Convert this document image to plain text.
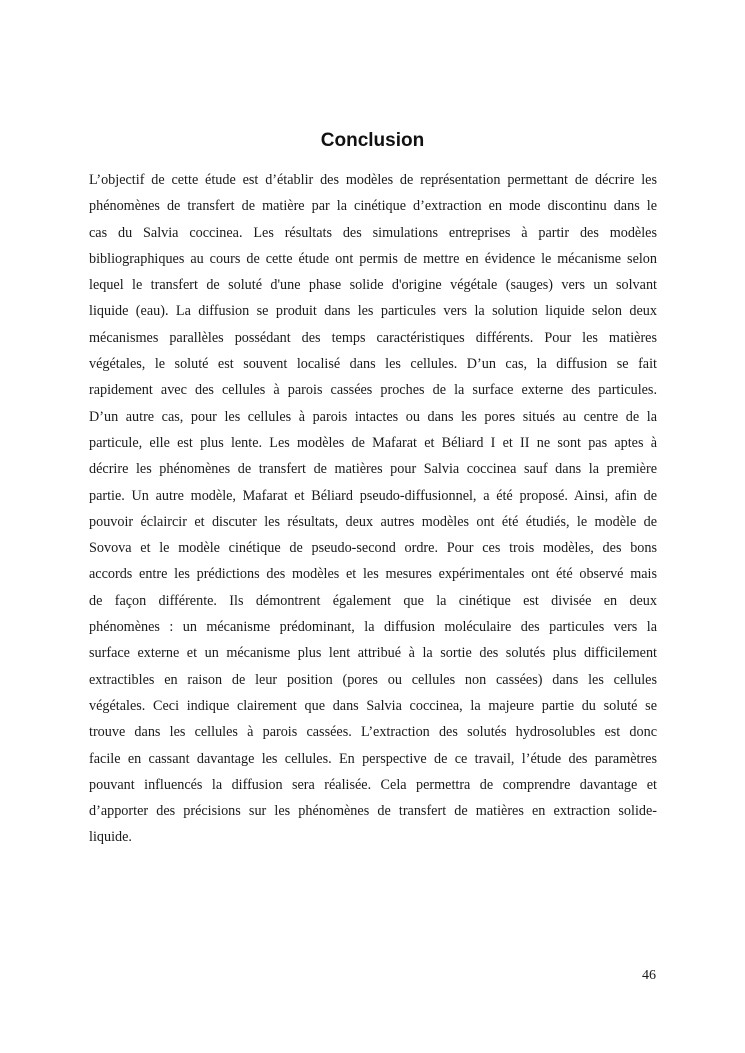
Conclusion
L’objectif de cette étude est d’établir des modèles de représentation permettant de décrire les
phénomènes de transfert de matière par la cinétique d’extraction en mode discontinu dans le
cas du Salvia coccinea. Les résultats des simulations entreprises à partir des modèles
bibliographiques au cours de cette étude ont permis de mettre en évidence le mécanisme selon
lequel le transfert de soluté d'une phase solide d'origine végétale (sauges) vers un solvant
liquide (eau). La diffusion se produit dans les particules vers la solution liquide selon deux
mécanismes parallèles possédant des temps caractéristiques différents. Pour les matières
végétales, le soluté est souvent localisé dans les cellules. D’un cas, la diffusion se fait
rapidement avec des cellules à parois cassées proches de la surface externe des particules.
D’un autre cas, pour les cellules à parois intactes ou dans les pores situés au centre de la
particule, elle est plus lente. Les modèles de Mafarat et Béliard I et II ne sont pas aptes à
décrire les phénomènes de transfert de matières pour Salvia coccinea sauf dans la première
partie. Un autre modèle, Mafarat et Béliard pseudo-diffusionnel, a été proposé. Ainsi, afin de
pouvoir éclaircir et discuter les résultats, deux autres modèles ont été étudiés, le modèle de
Sovova et le modèle cinétique de pseudo-second ordre. Pour ces trois modèles, des bons
accords entre les prédictions des modèles et les mesures expérimentales ont été observé mais
de façon différente. Ils démontrent également que la cinétique est divisée en deux
phénomènes : un mécanisme prédominant, la diffusion moléculaire des particules vers la
surface externe et un mécanisme plus lent attribué à la sortie des solutés plus difficilement
extractibles en raison de leur position (pores ou cellules non cassées) dans les cellules
végétales. Ceci indique clairement que dans Salvia coccinea, la majeure partie du soluté se
trouve dans les cellules à parois cassées. L’extraction des solutés hydrosolubles est donc
facile en cassant davantage les cellules. En perspective de ce travail, l’étude des paramètres
pouvant influencés la diffusion sera réalisée. Cela permettra de comprendre davantage et
d’apporter des précisions sur les phénomènes de transfert de matières en extraction solide-
liquide.
46
